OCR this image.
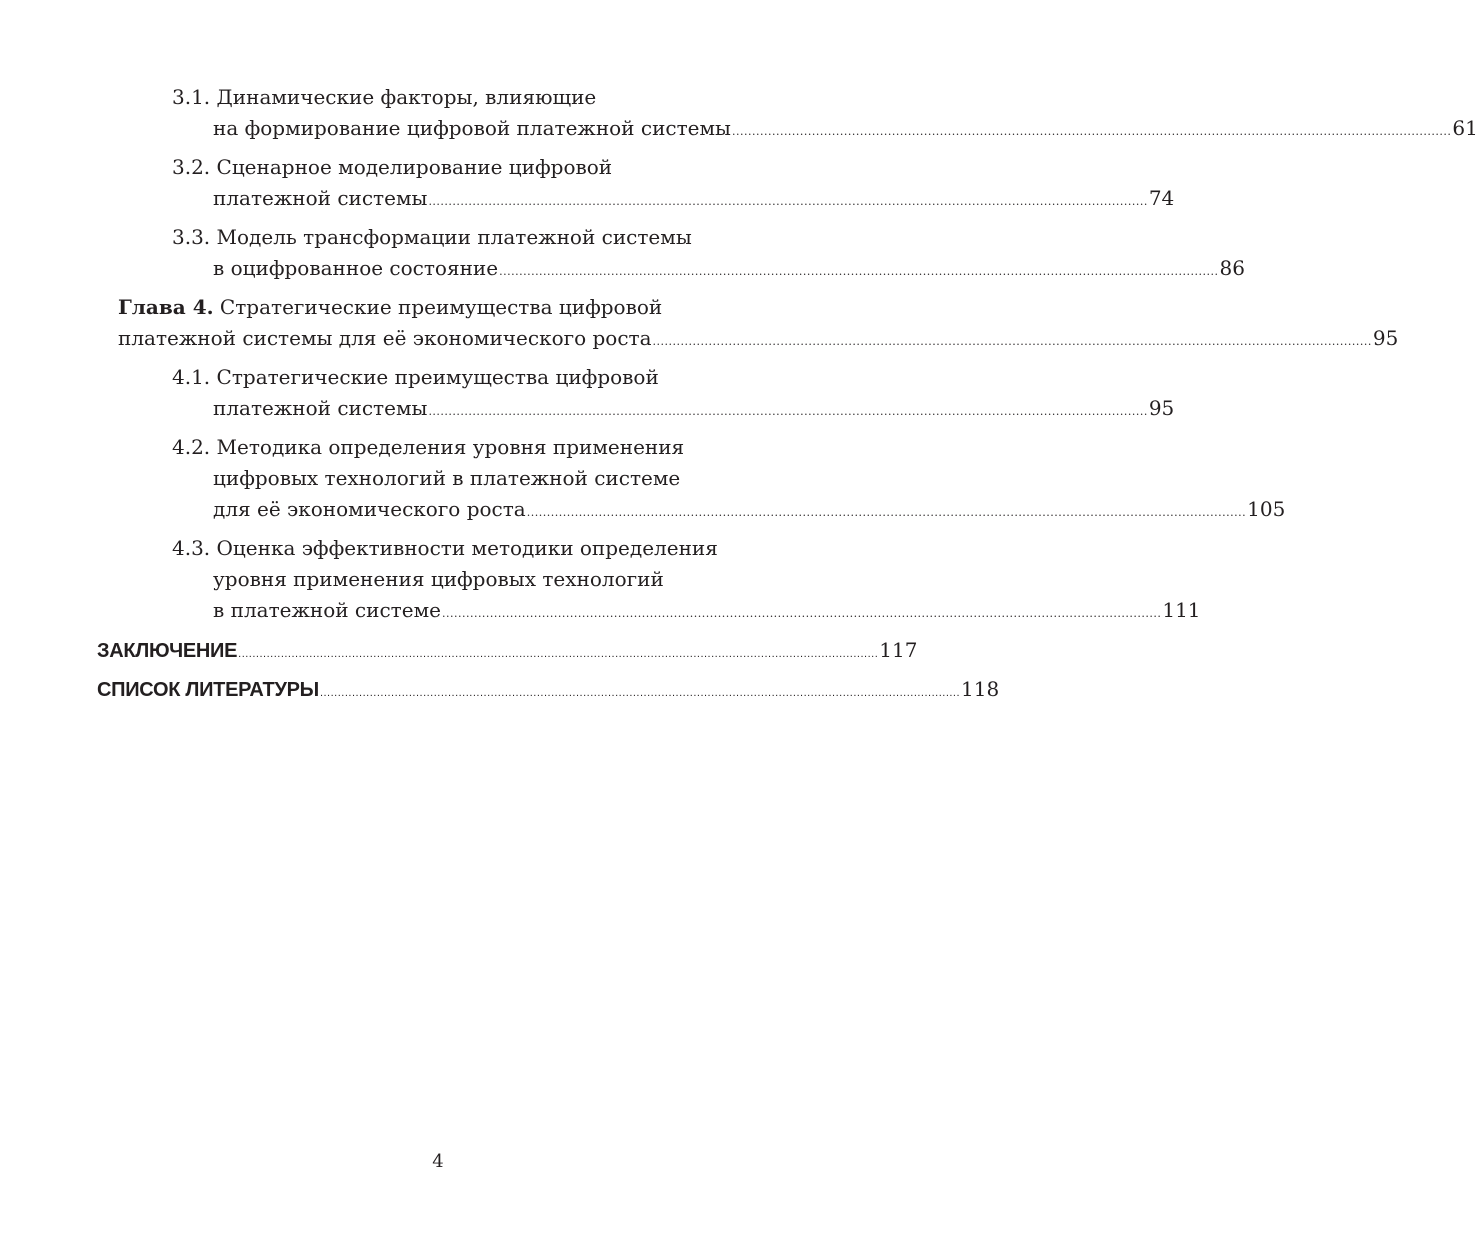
3.1. Динамические факторы, влияющие
на формирование цифровой платежной системы .................................................................................................................................................................................... 61
3.2. Сценарное моделирование цифровой
платежной системы .................................................................................................................................................................................... 74
3.3. Модель трансформации платежной системы
в оцифрованное состояние .................................................................................................................................................................................... 86
Глава 4. Стратегические преимущества цифровой
платежной системы для её экономического роста .................................................................................................................................................................................... 95
4.1. Стратегические преимущества цифровой
платежной системы .................................................................................................................................................................................... 95
4.2. Методика определения уровня применения
цифровых технологий в платежной системе
для её экономического роста .................................................................................................................................................................................... 105
4.3. Оценка эффективности методики определения
уровня применения цифровых технологий
в платежной системе .................................................................................................................................................................................... 111
ЗАКЛЮЧЕНИЕ .................................................................................................................................................................................... 117
СПИСОК ЛИТЕРАТУРЫ .................................................................................................................................................................................... 118
4
